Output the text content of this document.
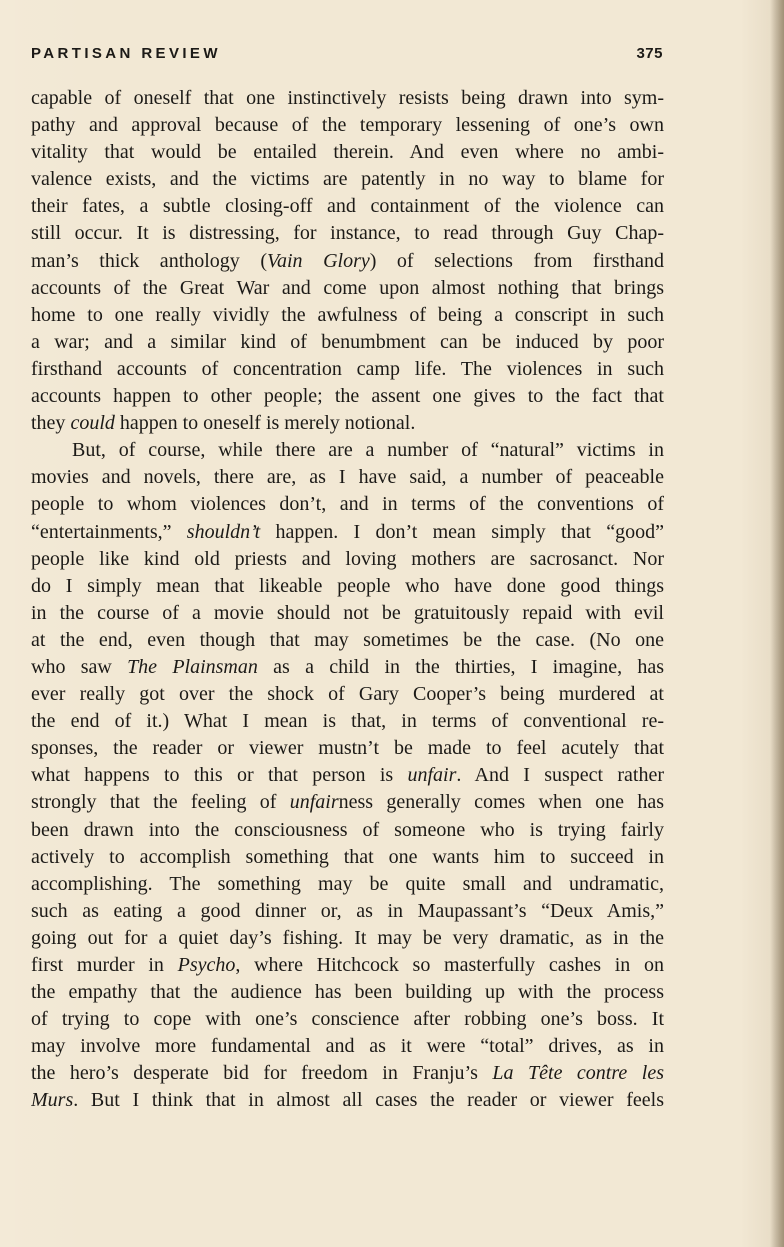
PARTISAN REVIEW	375
capable of oneself that one instinctively resists being drawn into sym-
pathy and approval because of the temporary lessening of one’s own
vitality that would be entailed therein. And even where no ambi-
valence exists, and the victims are patently in no way to blame for
their fates, a subtle closing-off and containment of the violence can
still occur. It is distressing, for instance, to read through Guy Chap-
man’s thick anthology (Vain Glory) of selections from firsthand
accounts of the Great War and come upon almost nothing that brings
home to one really vividly the awfulness of being a conscript in such
a war; and a similar kind of benumbment can be induced by poor
firsthand accounts of concentration camp life. The violences in such
accounts happen to other people; the assent one gives to the fact that
they could happen to oneself is merely notional.
But, of course, while there are a number of “natural” victims in
movies and novels, there are, as I have said, a number of peaceable
people to whom violences don’t, and in terms of the conventions of
“entertainments,” shouldn’t happen. I don’t mean simply that “good”
people like kind old priests and loving mothers are sacrosanct. Nor
do I simply mean that likeable people who have done good things
in the course of a movie should not be gratuitously repaid with evil
at the end, even though that may sometimes be the case. (No one
who saw The Plainsman as a child in the thirties, I imagine, has
ever really got over the shock of Gary Cooper’s being murdered at
the end of it.) What I mean is that, in terms of conventional re-
sponses, the reader or viewer mustn’t be made to feel acutely that
what happens to this or that person is unfair. And I suspect rather
strongly that the feeling of unfairness generally comes when one has
been drawn into the consciousness of someone who is trying fairly
actively to accomplish something that one wants him to succeed in
accomplishing. The something may be quite small and undramatic,
such as eating a good dinner or, as in Maupassant’s “Deux Amis,”
going out for a quiet day’s fishing. It may be very dramatic, as in the
first murder in Psycho, where Hitchcock so masterfully cashes in on
the empathy that the audience has been building up with the process
of trying to cope with one’s conscience after robbing one’s boss. It
may involve more fundamental and as it were “total” drives, as in
the hero’s desperate bid for freedom in Franju’s La Tête contre les
Murs. But I think that in almost all cases the reader or viewer feels
